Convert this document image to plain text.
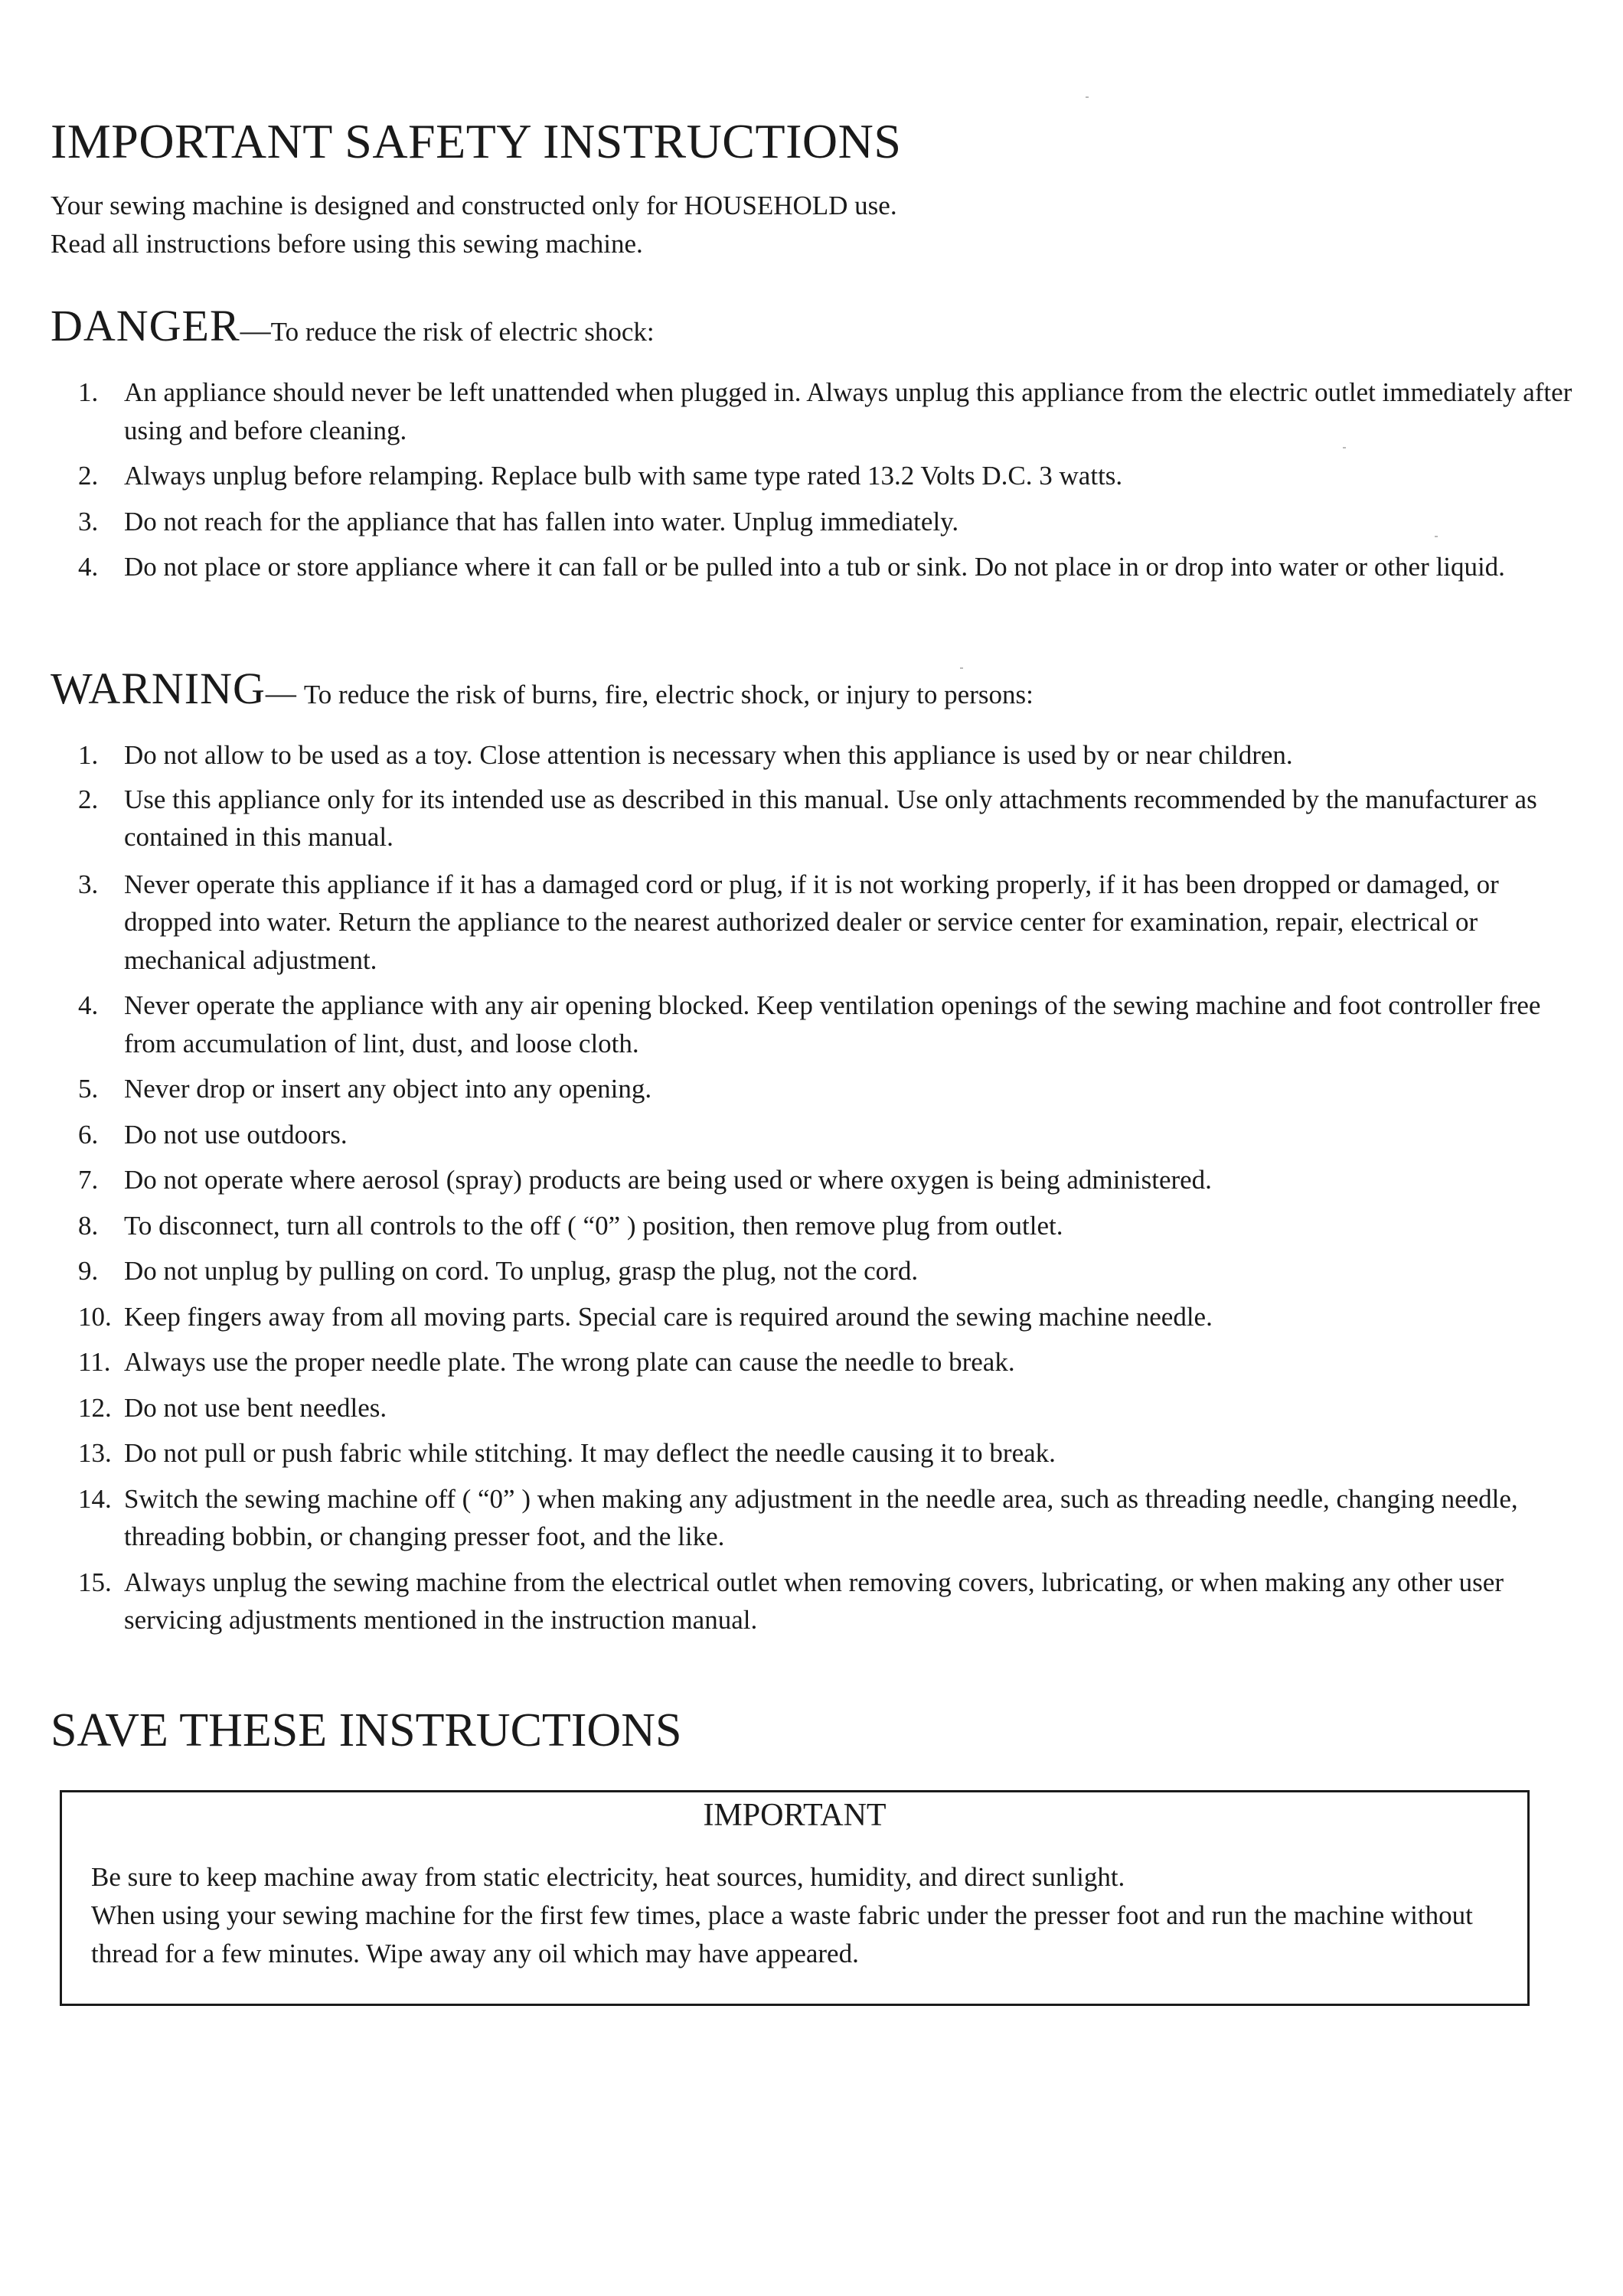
IMPORTANT SAFETY INSTRUCTIONS

Your sewing machine is designed and constructed only for HOUSEHOLD use.

Read all instructions before using this sewing machine.

DANGER—To reduce the risk of electric shock:
1. An appliance should never be left unattended when plugged in. Always unplug this appliance from the electric outlet immediately after using and before cleaning.
2. Always unplug before relamping. Replace bulb with same type rated 13.2 Volts D.C. 3 watts.
3. Do not reach for the appliance that has fallen into water. Unplug immediately.
4. Do not place or store appliance where it can fall or be pulled into a tub or sink. Do not place in or drop into water or other liquid.
WARNING— To reduce the risk of burns, fire, electric shock, or injury to persons:
1. Do not allow to be used as a toy. Close attention is necessary when this appliance is used by or near children.
2. Use this appliance only for its intended use as described in this manual. Use only attachments recommended by the manufacturer as contained in this manual.
3. Never operate this appliance if it has a damaged cord or plug, if it is not working properly, if it has been dropped or damaged, or dropped into water. Return the appliance to the nearest authorized dealer or service center for examination, repair, electrical or mechanical adjustment.
4. Never operate the appliance with any air opening blocked. Keep ventilation openings of the sewing machine and foot controller free from accumulation of lint, dust, and loose cloth.
5. Never drop or insert any object into any opening.
6. Do not use outdoors.
7. Do not operate where aerosol (spray) products are being used or where oxygen is being administered.
8. To disconnect, turn all controls to the off ( “0” ) position, then remove plug from outlet.
9. Do not unplug by pulling on cord. To unplug, grasp the plug, not the cord.
10. Keep fingers away from all moving parts. Special care is required around the sewing machine needle.
11. Always use the proper needle plate. The wrong plate can cause the needle to break.
12. Do not use bent needles.
13. Do not pull or push fabric while stitching. It may deflect the needle causing it to break.
14. Switch the sewing machine off ( “0” ) when making any adjustment in the needle area, such as threading needle, changing needle, threading bobbin, or changing presser foot, and the like.
15. Always unplug the sewing machine from the electrical outlet when removing covers, lubricating, or when making any other user servicing adjustments mentioned in the instruction manual.
SAVE THESE INSTRUCTIONS
IMPORTANT

Be sure to keep machine away from static electricity, heat sources, humidity, and direct sunlight.

When using your sewing machine for the first few times, place a waste fabric under the presser foot and run the machine without thread for a few minutes. Wipe away any oil which may have appeared.
